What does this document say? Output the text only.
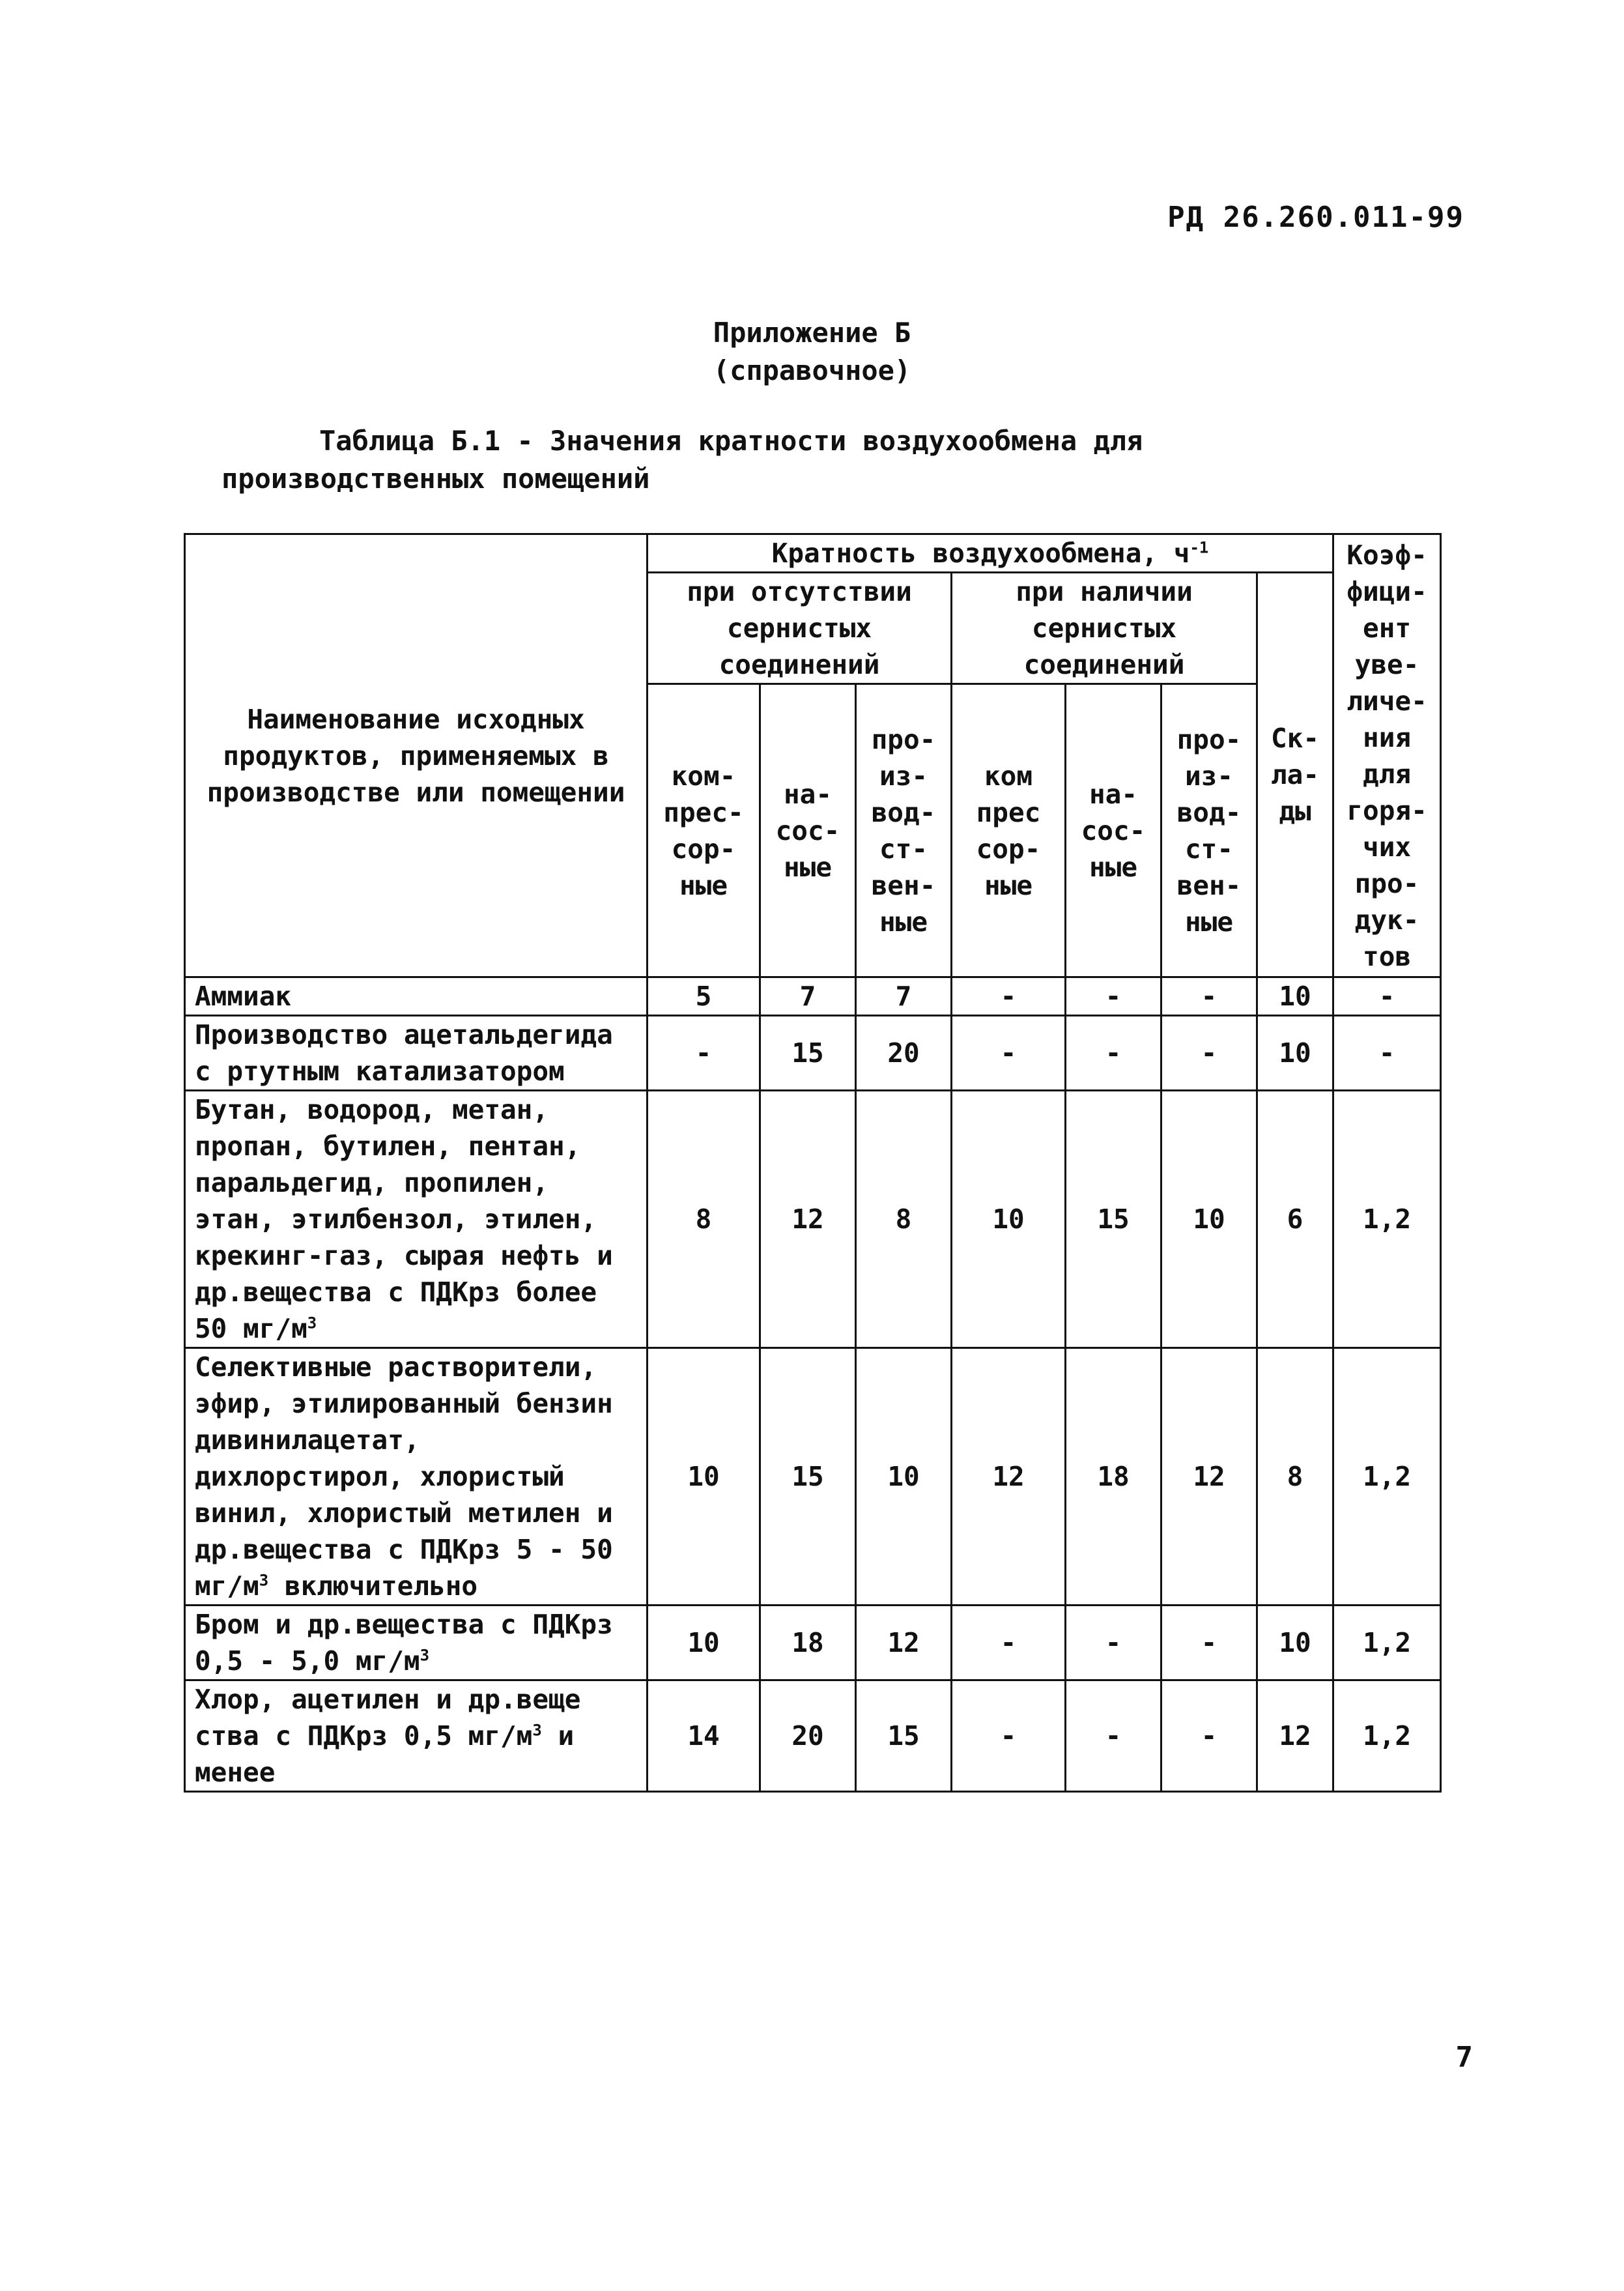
РД 26.260.011-99
Приложение Б
(справочное)
Таблица Б.1 - Значения кратности воздухообмена для
производственных помещений
Наименование исходных продуктов, применяемых в производстве или помещении	Кратность воздухообмена, $ч^{-1}$							Коэф-фици-ент уве-личе-ния для горя-чих про-дук-тов
	при отсутствии сернистых соединений			при наличии сернистых соединений			Ск-ла-ды	
	ком-прес-сор-ные	на-сос-ные	про-из-вод-ст-вен-ные	ком прес сор-ные	на-сос-ные	про-из-вод-ст-вен-ные		
Аммиак	5	7	7	-	-	-	10	-
Производство ацетальдегида с ртутным катализатором	-	15	20	-	-	-	10	-
Бутан, водород, метан, пропан, бутилен, пентан, паральдегид, пропилен, этан, этилбензол, этилен, крекинг-газ, сырая нефть и др.вещества с ПДКрз более 50 $мг/м^3$	8	12	8	10	15	10	6	1,2
Селективные растворители, эфир, этилированный бензин дивинилацетат, дихлорстирол, хлористый винил, хлористый метилен и др.вещества с ПДКрз 5 - 50 $мг/м^3$ включительно	10	15	10	12	18	12	8	1,2
Бром и др.вещества с ПДКрз 0,5 - 5,0 $мг/м^3$	10	18	12	-	-	-	10	1,2
Хлор, ацетилен и др.веще ства с ПДКрз 0,5 $мг/м^3$ и менее	14	20	15	-	-	-	12	1,2
7
